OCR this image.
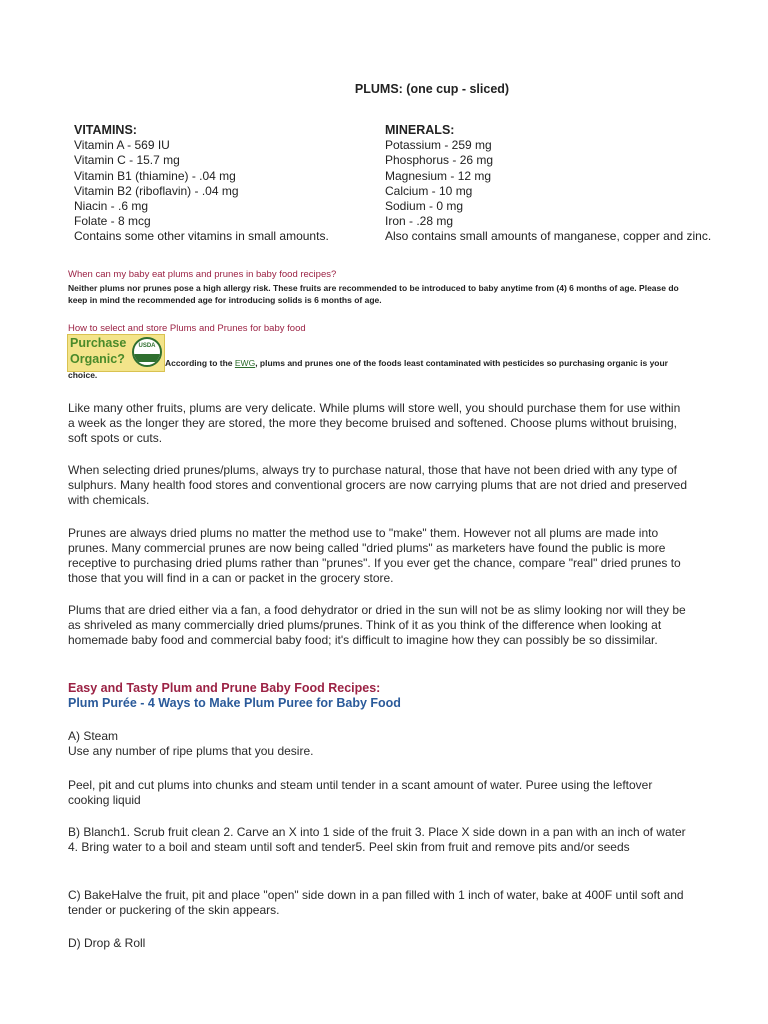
PLUMS: (one cup - sliced)
VITAMINS:
Vitamin A - 569 IU
Vitamin C - 15.7 mg
Vitamin B1 (thiamine) - .04 mg
Vitamin B2 (riboflavin) - .04 mg
Niacin - .6 mg
Folate - 8 mcg
Contains some other vitamins in small amounts.
MINERALS:
Potassium - 259 mg
Phosphorus - 26 mg
Magnesium - 12 mg
Calcium - 10 mg
Sodium - 0 mg
Iron - .28 mg
Also contains small amounts of manganese, copper and zinc.
When can my baby eat plums and prunes in baby food recipes?
Neither plums nor prunes pose a high allergy risk. These fruits are recommended to be introduced to baby anytime from (4) 6 months of age. Please do keep in mind the recommended age for introducing solids is 6 months of age.
How to select and store Plums and Prunes for baby food
Purchase
Organic?
USDA
According to the EWG, plums and prunes one of the foods least contaminated with pesticides so purchasing organic is your choice.
Like many other fruits, plums are very delicate. While plums will store well, you should purchase them for use within a week as the longer they are stored, the more they become bruised and softened. Choose plums without bruising, soft spots or cuts.
When selecting dried prunes/plums, always try to purchase natural, those that have not been dried with any type of sulphurs. Many health food stores and conventional grocers are now carrying plums that are not dried and preserved with chemicals.
Prunes are always dried plums no matter the method use to "make" them. However not all plums are made into prunes. Many commercial prunes are now being called "dried plums" as marketers have found the public is more receptive to purchasing dried plums rather than "prunes". If you ever get the chance, compare "real" dried prunes to those that you will find in a can or packet in the grocery store.
Plums that are dried either via a fan, a food dehydrator or dried in the sun will not be as slimy looking nor will they be as shriveled as many commercially dried plums/prunes. Think of it as you think of the difference when looking at homemade baby food and commercial baby food; it's difficult to imagine how they can possibly be so dissimilar.
Easy and Tasty Plum and Prune Baby Food Recipes:
Plum Purée - 4 Ways to Make Plum Puree for Baby Food
A) Steam
Use any number of ripe plums that you desire.
Peel, pit and cut plums into chunks and steam until tender in a scant amount of water. Puree using the leftover cooking liquid
B) Blanch1. Scrub fruit clean 2. Carve an X into 1 side of the fruit 3. Place X side down in a pan with an inch of water 4. Bring water to a boil and steam until soft and tender5. Peel skin from fruit and remove pits and/or seeds
C) BakeHalve the fruit, pit and place "open" side down in a pan filled with 1 inch of water, bake at 400F until soft and tender or puckering of the skin appears.
D) Drop & Roll
